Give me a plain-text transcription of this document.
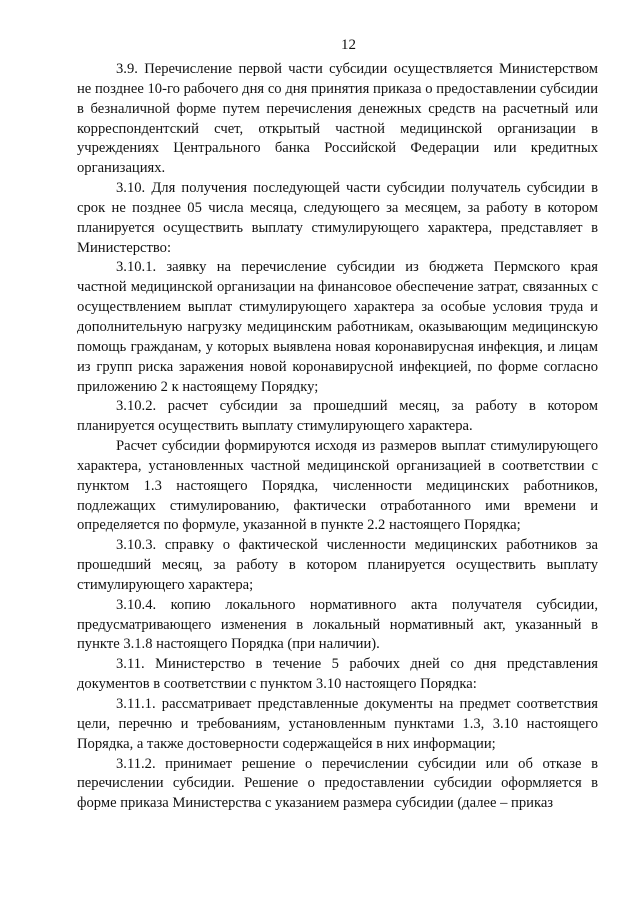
12

3.9. Перечисление первой части субсидии осуществляется Министерством не позднее 10-го рабочего дня со дня принятия приказа о предоставлении субсидии в безналичной форме путем перечисления денежных средств на расчетный или корреспондентский счет, открытый частной медицинской организации в учреждениях Центрального банка Российской Федерации или кредитных организациях.

3.10. Для получения последующей части субсидии получатель субсидии в срок не позднее 05 числа месяца, следующего за месяцем, за работу в котором планируется осуществить выплату стимулирующего характера, представляет в Министерство:

3.10.1. заявку на перечисление субсидии из бюджета Пермского края частной медицинской организации на финансовое обеспечение затрат, связанных с осуществлением выплат стимулирующего характера за особые условия труда и дополнительную нагрузку медицинским работникам, оказывающим медицинскую помощь гражданам, у которых выявлена новая коронавирусная инфекция, и лицам из групп риска заражения новой коронавирусной инфекцией, по форме согласно приложению 2 к настоящему Порядку;

3.10.2. расчет субсидии за прошедший месяц, за работу в котором планируется осуществить выплату стимулирующего характера.

Расчет субсидии формируются исходя из размеров выплат стимулирующего характера, установленных частной медицинской организацией в соответствии с пунктом 1.3 настоящего Порядка, численности медицинских работников, подлежащих стимулированию, фактически отработанного ими времени и определяется по формуле, указанной в пункте 2.2 настоящего Порядка;

3.10.3. справку о фактической численности медицинских работников за прошедший месяц, за работу в котором планируется осуществить выплату стимулирующего характера;

3.10.4. копию локального нормативного акта получателя субсидии, предусматривающего изменения в локальный нормативный акт, указанный в пункте 3.1.8 настоящего Порядка (при наличии).

3.11. Министерство в течение 5 рабочих дней со дня представления документов в соответствии с пунктом 3.10 настоящего Порядка:

3.11.1. рассматривает представленные документы на предмет соответствия цели, перечню и требованиям, установленным пунктами 1.3, 3.10 настоящего Порядка, а также достоверности содержащейся в них информации;

3.11.2. принимает решение о перечислении субсидии или об отказе в перечислении субсидии. Решение о предоставлении субсидии оформляется в форме приказа Министерства с указанием размера субсидии (далее – приказ
